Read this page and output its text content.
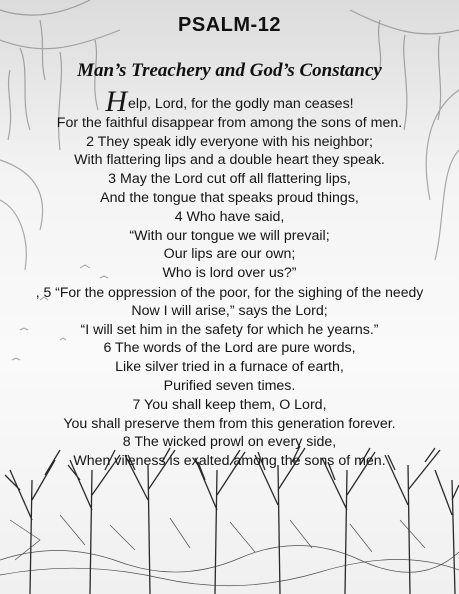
PSALM-12
Man’s Treachery and God’s Constancy
Help, Lord, for the godly man ceases!
For the faithful disappear from among the sons of men.
2 They speak idly everyone with his neighbor;
With flattering lips and a double heart they speak.
3 May the Lord cut off all flattering lips,
And the tongue that speaks proud things,
4 Who have said,
“With our tongue we will prevail;
Our lips are our own;
Who is lord over us?”
, 5 “For the oppression of the poor, for the sighing of the needy
Now I will arise,” says the Lord;
“I will set him in the safety for which he yearns.”
6 The words of the Lord are pure words,
Like silver tried in a furnace of earth,
Purified seven times.
7 You shall keep them, O Lord,
You shall preserve them from this generation forever.
8 The wicked prowl on every side,
When vileness is exalted among the sons of men.
